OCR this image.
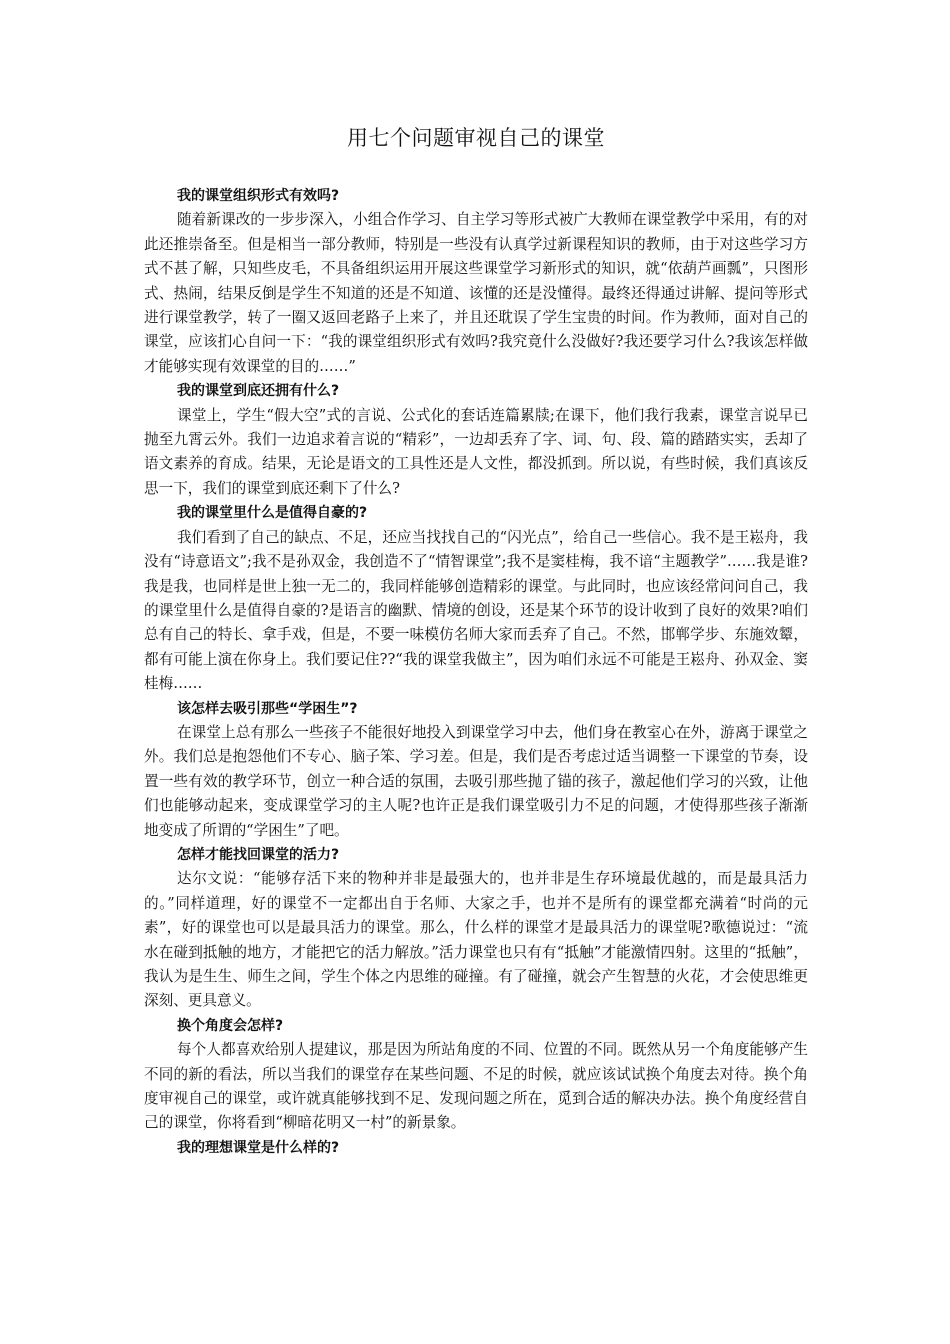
用七个问题审视自己的课堂

我的课堂组织形式有效吗?

随着新课改的一步步深入，小组合作学习、自主学习等形式被广大教师在课堂教学中采用，有的对此还推崇备至。但是相当一部分教师，特别是一些没有认真学过新课程知识的教师，由于对这些学习方式不甚了解，只知些皮毛，不具备组织运用开展这些课堂学习新形式的知识，就“依葫芦画瓢”，只图形式、热闹，结果反倒是学生不知道的还是不知道、该懂的还是没懂得。最终还得通过讲解、提问等形式进行课堂教学，转了一圈又返回老路子上来了，并且还耽误了学生宝贵的时间。作为教师，面对自己的课堂，应该扪心自问一下：“我的课堂组织形式有效吗?我究竟什么没做好?我还要学习什么?我该怎样做才能够实现有效课堂的目的……”

我的课堂到底还拥有什么?

课堂上，学生“假大空”式的言说、公式化的套话连篇累牍;在课下，他们我行我素，课堂言说早已抛至九霄云外。我们一边追求着言说的“精彩”，一边却丢弃了字、词、句、段、篇的踏踏实实，丢却了语文素养的育成。结果，无论是语文的工具性还是人文性，都没抓到。所以说，有些时候，我们真该反思一下，我们的课堂到底还剩下了什么?

我的课堂里什么是值得自豪的?

我们看到了自己的缺点、不足，还应当找找自己的“闪光点”，给自己一些信心。我不是王崧舟，我没有“诗意语文”;我不是孙双金，我创造不了“情智课堂”;我不是窦桂梅，我不谙“主题教学”……我是谁?我是我，也同样是世上独一无二的，我同样能够创造精彩的课堂。与此同时，也应该经常问问自己，我的课堂里什么是值得自豪的?是语言的幽默、情境的创设，还是某个环节的设计收到了良好的效果?咱们总有自己的特长、拿手戏，但是，不要一味模仿名师大家而丢弃了自己。不然，邯郸学步、东施效颦，都有可能上演在你身上。我们要记住??“我的课堂我做主”，因为咱们永远不可能是王崧舟、孙双金、窦桂梅……

该怎样去吸引那些“学困生”?

在课堂上总有那么一些孩子不能很好地投入到课堂学习中去，他们身在教室心在外，游离于课堂之外。我们总是抱怨他们不专心、脑子笨、学习差。但是，我们是否考虑过适当调整一下课堂的节奏，设置一些有效的教学环节，创立一种合适的氛围，去吸引那些抛了锚的孩子，激起他们学习的兴致，让他们也能够动起来，变成课堂学习的主人呢?也许正是我们课堂吸引力不足的问题，才使得那些孩子渐渐地变成了所谓的“学困生”了吧。

怎样才能找回课堂的活力?

达尔文说：“能够存活下来的物种并非是最强大的，也并非是生存环境最优越的，而是最具活力的。”同样道理，好的课堂不一定都出自于名师、大家之手，也并不是所有的课堂都充满着“时尚的元素”，好的课堂也可以是最具活力的课堂。那么，什么样的课堂才是最具活力的课堂呢?歌德说过：“流水在碰到抵触的地方，才能把它的活力解放。”活力课堂也只有有“抵触”才能激情四射。这里的“抵触”，我认为是生生、师生之间，学生个体之内思维的碰撞。有了碰撞，就会产生智慧的火花，才会使思维更深刻、更具意义。

换个角度会怎样?

每个人都喜欢给别人提建议，那是因为所站角度的不同、位置的不同。既然从另一个角度能够产生不同的新的看法，所以当我们的课堂存在某些问题、不足的时候，就应该试试换个角度去对待。换个角度审视自己的课堂，或许就真能够找到不足、发现问题之所在，觅到合适的解决办法。换个角度经营自己的课堂，你将看到“柳暗花明又一村”的新景象。

我的理想课堂是什么样的?
